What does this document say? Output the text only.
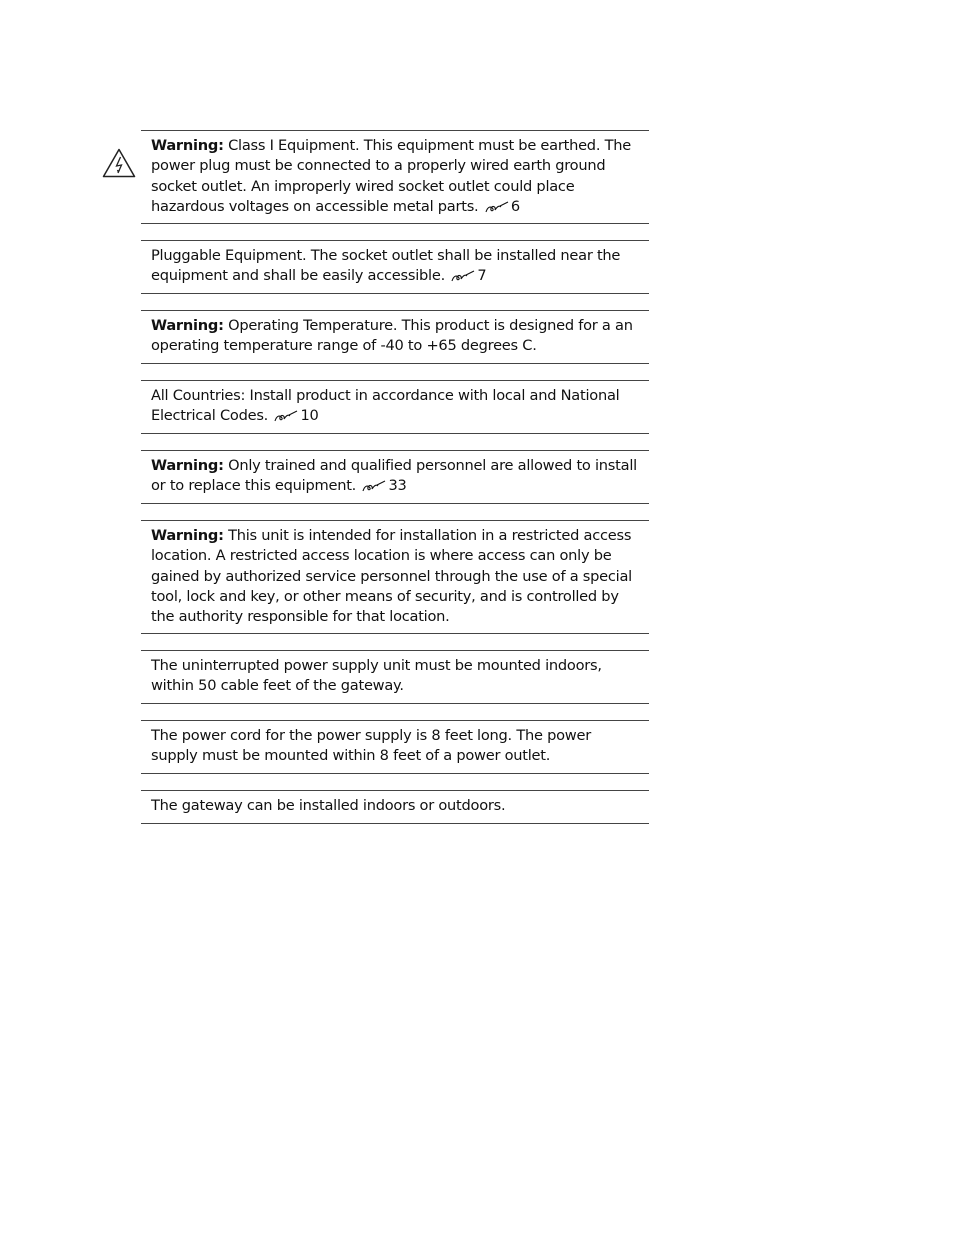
Warning: Class I Equipment. This equipment must be earthed. The power plug must be connected to a properly wired earth ground socket outlet. An improperly wired socket outlet could place hazardous voltages on accessible metal parts. 6
Pluggable Equipment. The socket outlet shall be installed near the equipment and shall be easily accessible. 7
Warning: Operating Temperature. This product is designed for a an operating temperature range of -40 to +65 degrees C.
All Countries: Install product in accordance with local and National Electrical Codes. 10
Warning: Only trained and qualified personnel are allowed to install or to replace this equipment. 33
Warning: This unit is intended for installation in a restricted access location. A restricted access location is where access can only be gained by authorized service personnel through the use of a special tool, lock and key, or other means of security, and is controlled by the authority responsible for that location.
The uninterrupted power supply unit must be mounted indoors, within 50 cable feet of the gateway.
The power cord for the power supply is 8 feet long. The power supply must be mounted within 8 feet of a power outlet.
The gateway can be installed indoors or outdoors.
